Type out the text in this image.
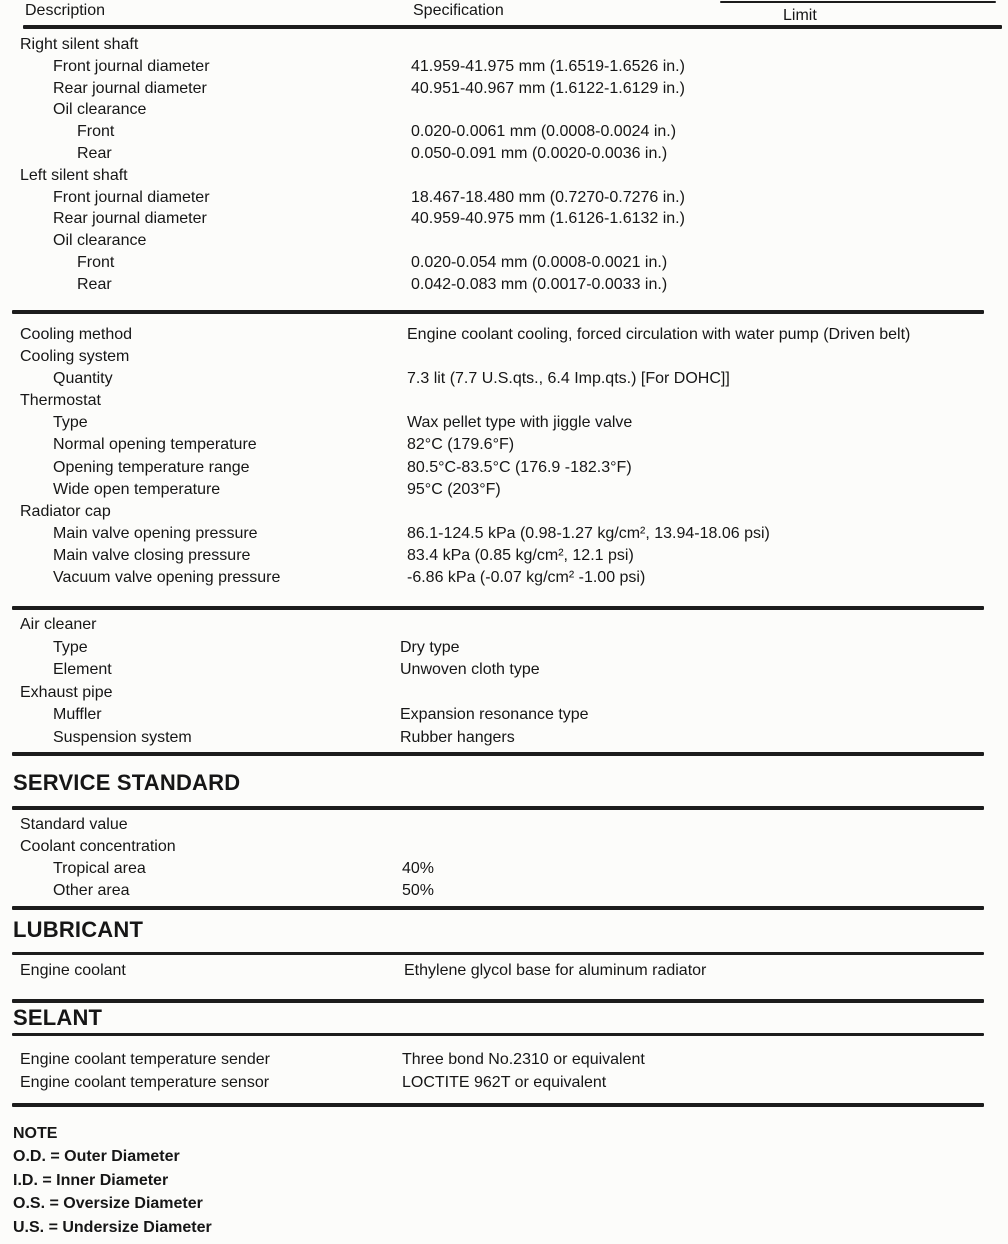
Description	Specification	Limit
Right silent shaft
Front journal diameter	41.959-41.975 mm (1.6519-1.6526 in.)
Rear journal diameter	40.951-40.967 mm (1.6122-1.6129 in.)
Oil clearance
Front	0.020-0.0061 mm (0.0008-0.0024 in.)
Rear	0.050-0.091 mm (0.0020-0.0036 in.)
Left silent shaft
Front journal diameter	18.467-18.480 mm (0.7270-0.7276 in.)
Rear journal diameter	40.959-40.975 mm (1.6126-1.6132 in.)
Oil clearance
Front	0.020-0.054 mm (0.0008-0.0021 in.)
Rear	0.042-0.083 mm (0.0017-0.0033 in.)
Cooling method	Engine coolant cooling, forced circulation with water pump (Driven belt)
Cooling system
Quantity	7.3 lit (7.7 U.S.qts., 6.4 Imp.qts.) [For DOHC]]
Thermostat
Type	Wax pellet type with jiggle valve
Normal opening temperature	82°C (179.6°F)
Opening temperature range	80.5°C-83.5°C (176.9 -182.3°F)
Wide open temperature	95°C (203°F)
Radiator cap
Main valve opening pressure	86.1-124.5 kPa (0.98-1.27 kg/cm², 13.94-18.06 psi)
Main valve closing pressure	83.4 kPa (0.85 kg/cm², 12.1 psi)
Vacuum valve opening pressure	-6.86 kPa (-0.07 kg/cm² -1.00 psi)
Air cleaner
Type	Dry type
Element	Unwoven cloth type
Exhaust pipe
Muffler	Expansion resonance type
Suspension system	Rubber hangers
SERVICE STANDARD
Standard value
Coolant concentration
Tropical area	40%
Other area	50%
LUBRICANT
Engine coolant	Ethylene glycol base for aluminum radiator
SELANT
Engine coolant temperature sender	Three bond No.2310 or equivalent
Engine coolant temperature sensor	LOCTITE 962T or equivalent
NOTE
O.D. = Outer Diameter
I.D. = Inner Diameter
O.S. = Oversize Diameter
U.S. = Undersize Diameter
